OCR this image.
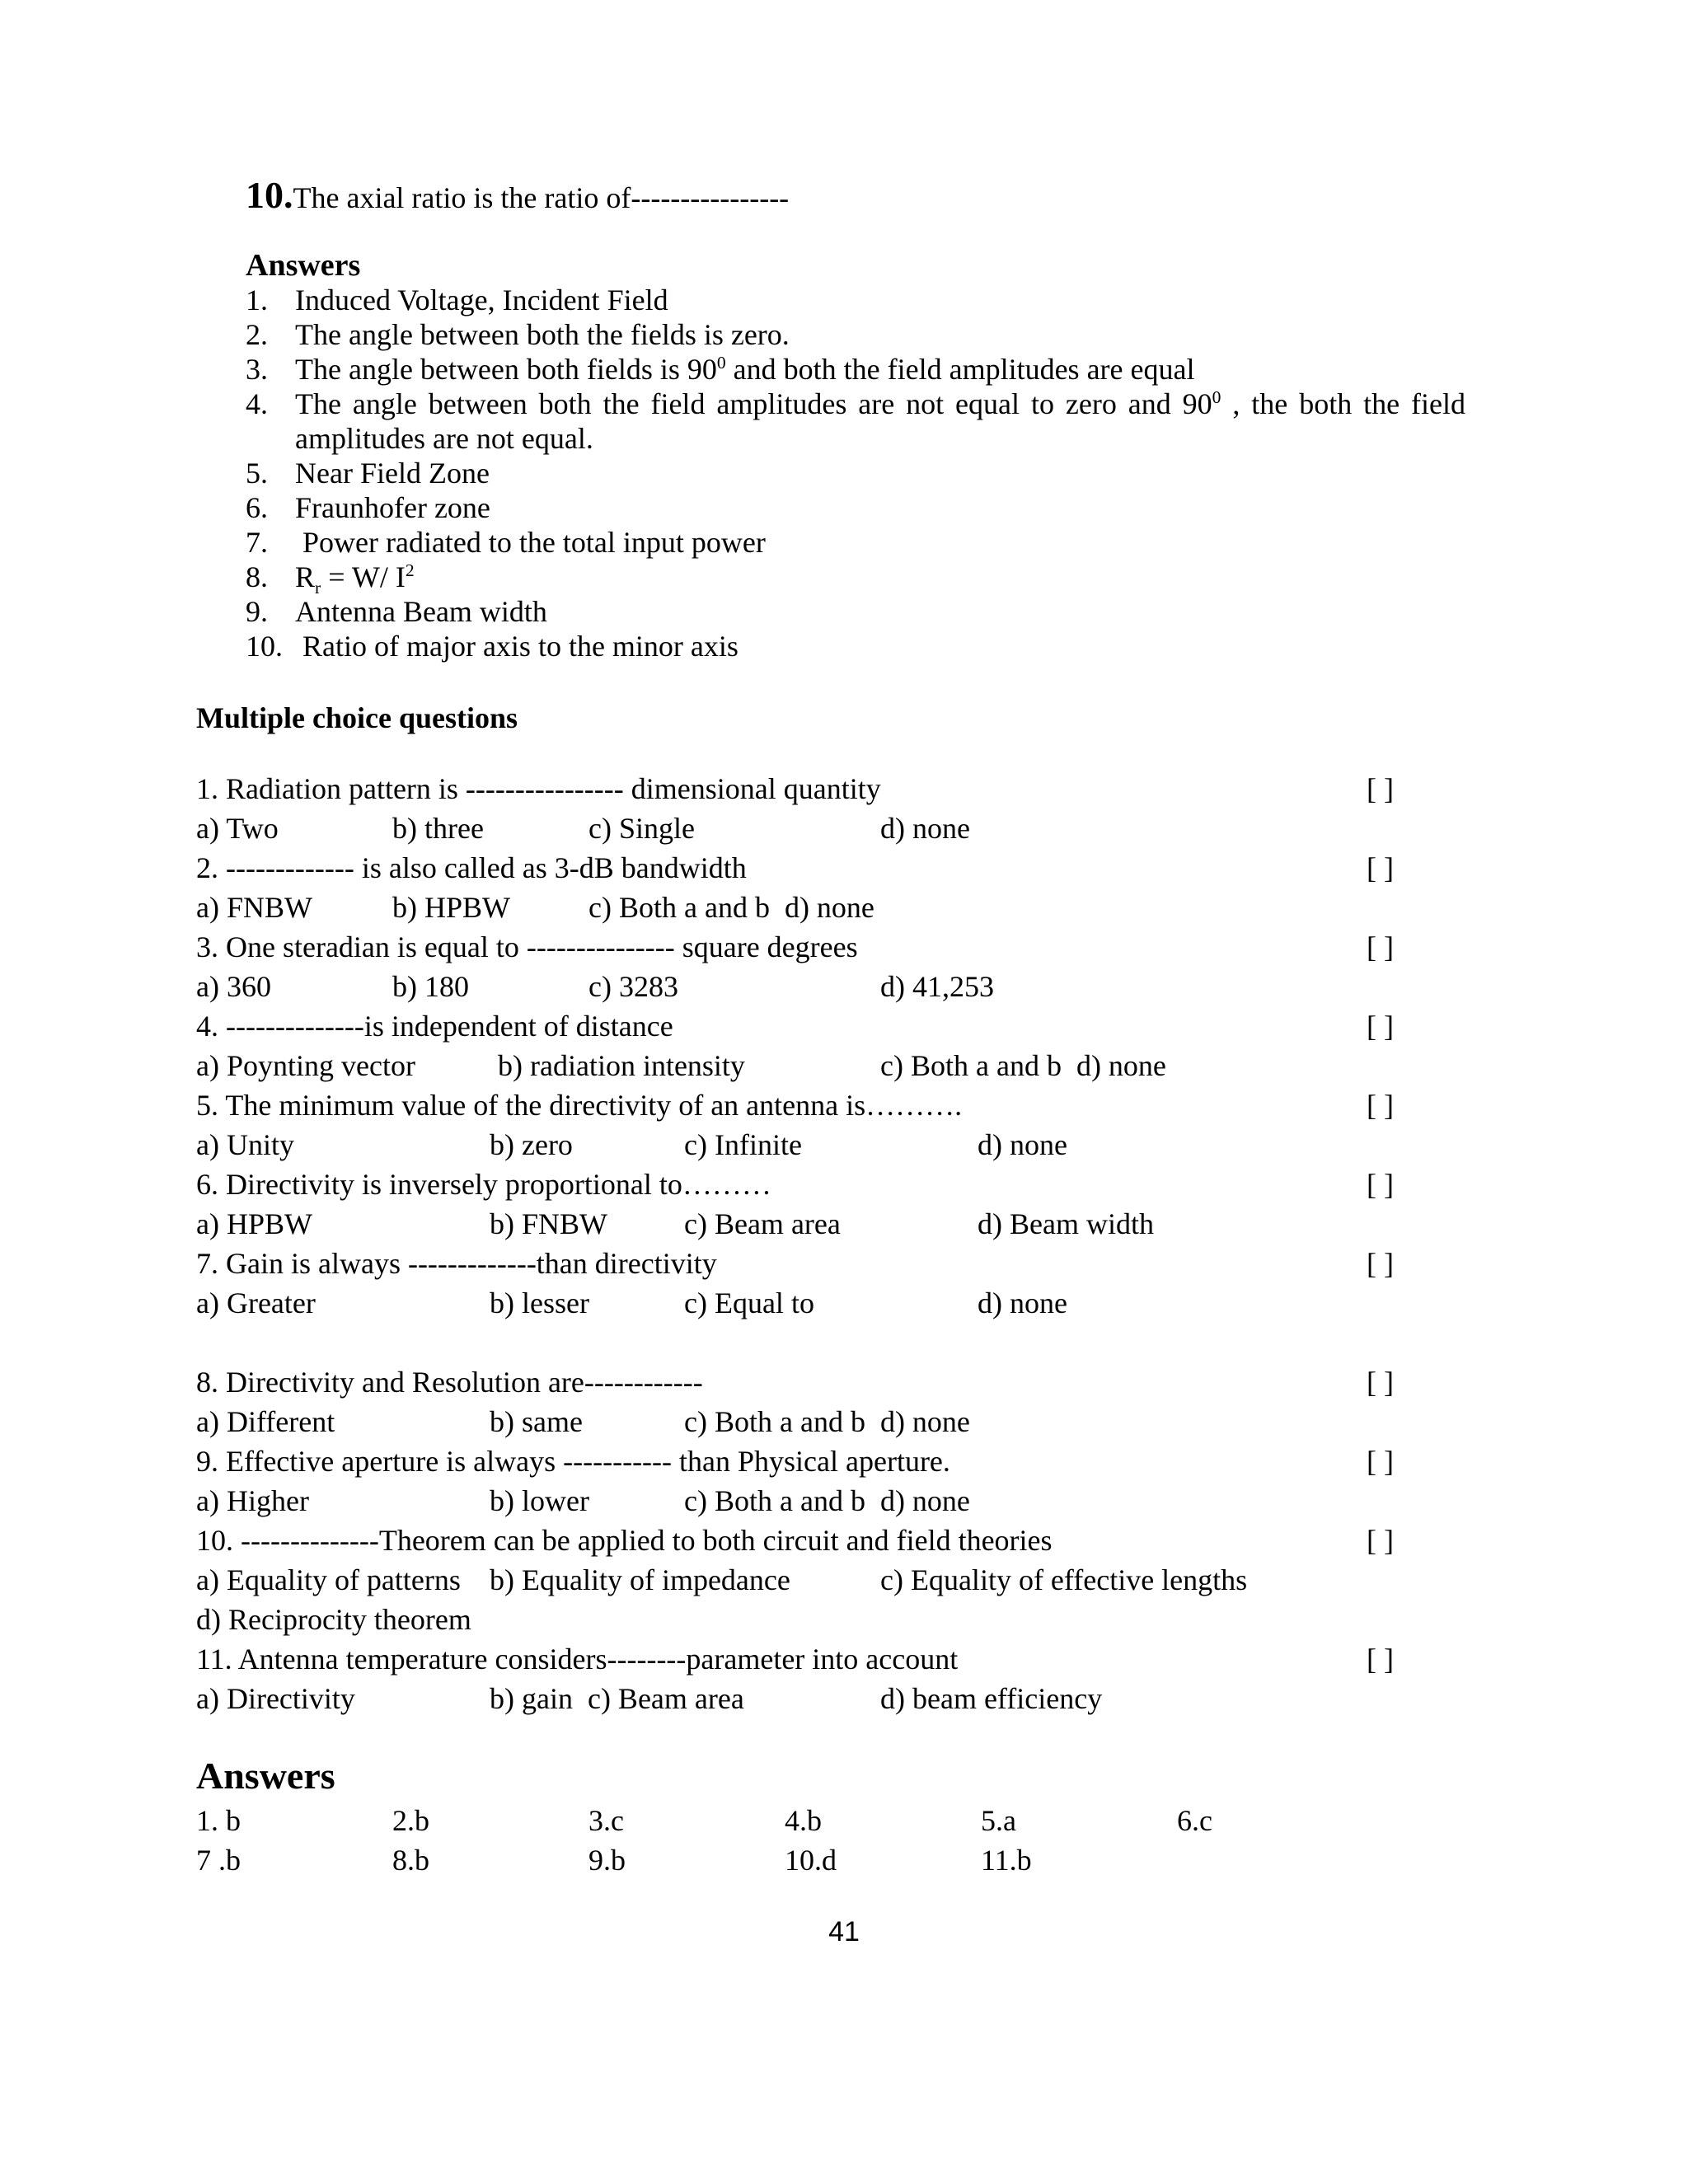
10.The axial ratio is the ratio of----------------
Answers
1. Induced Voltage, Incident Field
2. The angle between both the fields is zero.
3. The angle between both fields is $90^0$ and both the field amplitudes are equal
4. The angle between both the field amplitudes are not equal to zero and $90^0$ , the both the field amplitudes are not equal.
5. Near Field Zone
6. Fraunhofer zone
7. Power radiated to the total input power
8. $R_r = W/$ $I^2$
9. Antenna Beam width
10. Ratio of major axis to the minor axis
Multiple choice questions
1. Radiation pattern is ---------------- dimensional quantity	[ ]
a) Two	b) three	c) Single	d) none
2. ------------- is also called as 3-dB bandwidth	[ ]
a) FNBW	b) HPBW	c) Both a and b  d) none
3. One steradian is equal to --------------- square degrees	[ ]
a) 360	b) 180	c) 3283	d) 41,253
4. --------------is independent of distance	[ ]
a) Poynting vector	b) radiation intensity	c) Both a and b  d) none
5. The minimum value of the directivity of an antenna is……….	[ ]
a) Unity	b) zero	c) Infinite	d) none
6. Directivity is inversely proportional to………	[ ]
a) HPBW	b) FNBW	c) Beam area	d) Beam width
7. Gain is always -------------than directivity	[ ]
a) Greater	b) lesser	c) Equal to	d) none
8. Directivity and Resolution are------------	[ ]
a) Different	b) same	c) Both a and b  d) none
9. Effective aperture is always ----------- than Physical aperture.	[ ]
a) Higher	b) lower	c) Both a and b  d) none
10. --------------Theorem can be applied to both circuit and field theories	[ ]
a) Equality of patterns b) Equality of impedance	c) Equality of effective lengths
d) Reciprocity theorem
11. Antenna temperature considers--------parameter into account	[ ]
a) Directivity	b) gain  c) Beam area	d) beam efficiency
Answers
1. b	2.b	3.c	4.b	5.a	6.c
7 .b	8.b	9.b	10.d	11.b
41
